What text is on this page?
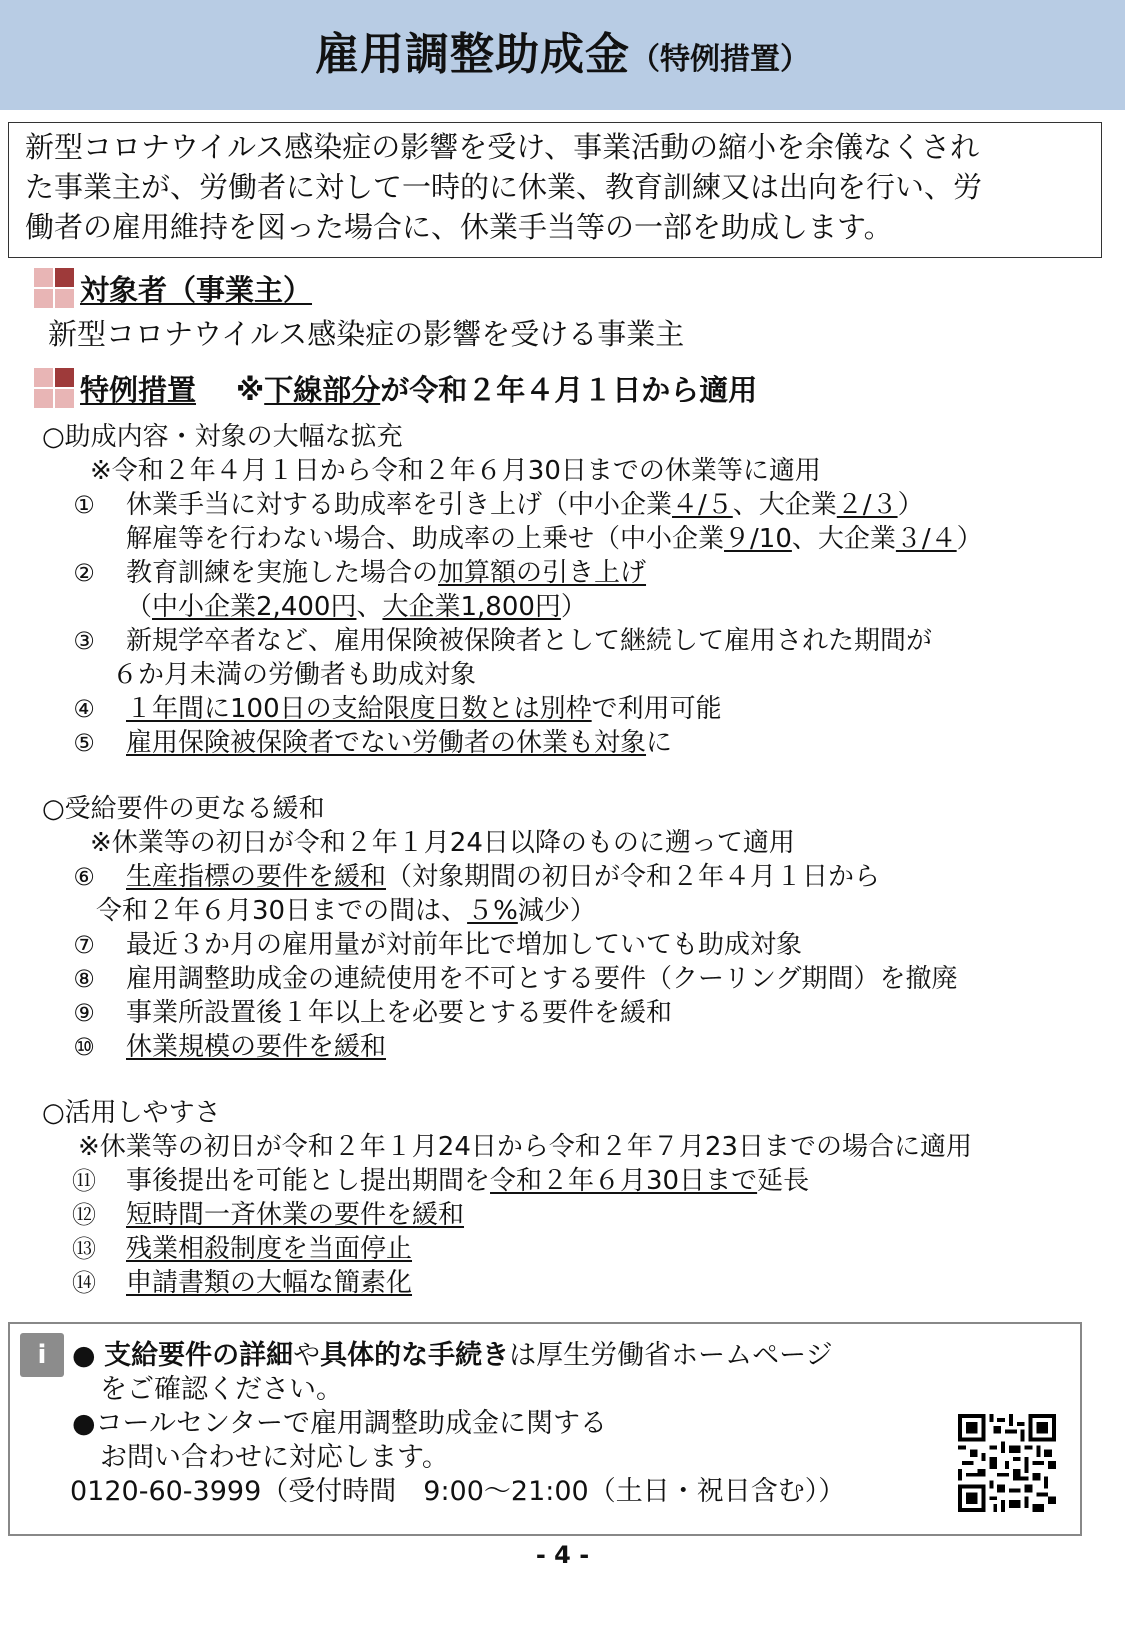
雇用調整助成金（特例措置）
新型コロナウイルス感染症の影響を受け、事業活動の縮小を余儀なくされ
た事業主が、労働者に対して一時的に休業、教育訓練又は出向を行い、労
働者の雇用維持を図った場合に、休業手当等の一部を助成します。
対象者（事業主）
新型コロナウイルス感染症の影響を受ける事業主
特例措置 ※下線部分が令和２年４月１日から適用
○助成内容・対象の大幅な拡充
※令和２年４月１日から令和２年６月30日までの休業等に適用
① 休業手当に対する助成率を引き上げ（中小企業４/５、大企業２/３）
解雇等を行わない場合、助成率の上乗せ（中小企業９/10、大企業３/４）
② 教育訓練を実施した場合の加算額の引き上げ
（中小企業2,400円、大企業1,800円）
③ 新規学卒者など、雇用保険被保険者として継続して雇用された期間が
６か月未満の労働者も助成対象
④ １年間に100日の支給限度日数とは別枠で利用可能
⑤ 雇用保険被保険者でない労働者の休業も対象に
○受給要件の更なる緩和
※休業等の初日が令和２年１月24日以降のものに遡って適用
⑥ 生産指標の要件を緩和（対象期間の初日が令和２年４月１日から
令和２年６月30日までの間は、５%減少）
⑦ 最近３か月の雇用量が対前年比で増加していても助成対象
⑧ 雇用調整助成金の連続使用を不可とする要件（クーリング期間）を撤廃
⑨ 事業所設置後１年以上を必要とする要件を緩和
⑩ 休業規模の要件を緩和
○活用しやすさ
※休業等の初日が令和２年１月24日から令和２年７月23日までの場合に適用
⑪ 事後提出を可能とし提出期間を令和２年６月30日まで延長
⑫ 短時間一斉休業の要件を緩和
⑬ 残業相殺制度を当面停止
⑭ 申請書類の大幅な簡素化
i ● 支給要件の詳細や具体的な手続きは厚生労働省ホームページ
をご確認ください。
●コールセンターで雇用調整助成金に関する
お問い合わせに対応します。
0120-60-3999（受付時間　9:00～21:00（土日・祝日含む））
- 4 -
